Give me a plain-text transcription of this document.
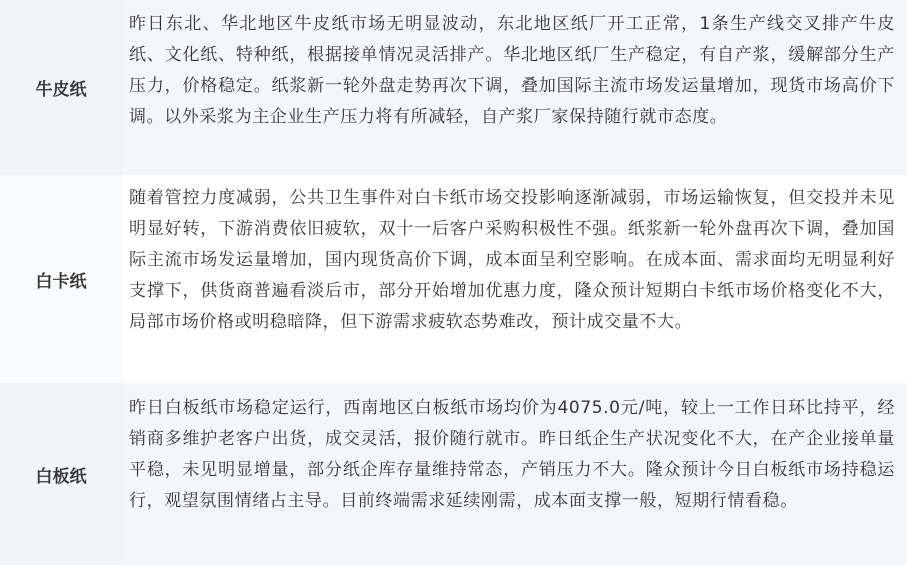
牛皮纸
昨日东北、华北地区牛皮纸市场无明显波动，东北地区纸厂开工正常，1条生产线交叉排产牛皮纸、文化纸、特种纸，根据接单情况灵活排产。华北地区纸厂生产稳定，有自产浆，缓解部分生产压力，价格稳定。纸浆新一轮外盘走势再次下调，叠加国际主流市场发运量增加，现货市场高价下调。以外采浆为主企业生产压力将有所减轻，自产浆厂家保持随行就市态度。
白卡纸
随着管控力度减弱，公共卫生事件对白卡纸市场交投影响逐渐减弱，市场运输恢复，但交投并未见明显好转，下游消费依旧疲软，双十一后客户采购积极性不强。纸浆新一轮外盘再次下调，叠加国际主流市场发运量增加，国内现货高价下调，成本面呈利空影响。在成本面、需求面均无明显利好支撑下，供货商普遍看淡后市，部分开始增加优惠力度，隆众预计短期白卡纸市场价格变化不大，局部市场价格或明稳暗降，但下游需求疲软态势难改，预计成交量不大。
白板纸
昨日白板纸市场稳定运行，西南地区白板纸市场均价为4075.0元/吨，较上一工作日环比持平，经销商多维护老客户出货，成交灵活，报价随行就市。昨日纸企生产状况变化不大，在产企业接单量平稳，未见明显增量，部分纸企库存量维持常态，产销压力不大。隆众预计今日白板纸市场持稳运行，观望氛围情绪占主导。目前终端需求延续刚需，成本面支撑一般，短期行情看稳。
